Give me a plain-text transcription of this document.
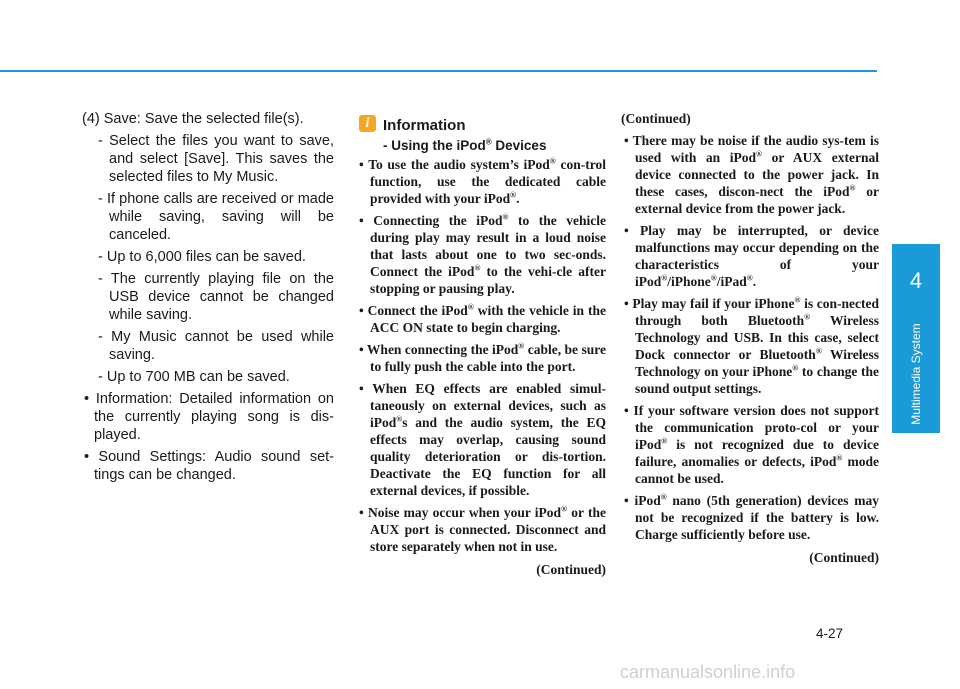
4
Multimedia System

(4) Save: Save the selected file(s).

- Select the files you want to save, and select [Save]. This saves the selected files to My Music.

- If phone calls are received or made while saving, saving will be canceled.

- Up to 6,000 files can be saved.

- The currently playing file on the USB device cannot be changed while saving.

- My Music cannot be used while saving.

- Up to 700 MB can be saved.

• Information: Detailed information on the currently playing song is dis-played.

• Sound Settings: Audio sound set-tings can be changed.

i Information
- Using the iPod® Devices

• To use the audio system’s iPod® con-trol function, use the dedicated cable provided with your iPod®.

• Connecting the iPod® to the vehicle during play may result in a loud noise that lasts about one to two sec-onds. Connect the iPod® to the vehi-cle after stopping or pausing play.

• Connect the iPod® with the vehicle in the ACC ON state to begin charging.

• When connecting the iPod® cable, be sure to fully push the cable into the port.

• When EQ effects are enabled simul-taneously on external devices, such as iPod®s and the audio system, the EQ effects may overlap, causing sound quality deterioration or dis-tortion. Deactivate the EQ function for all external devices, if possible.

• Noise may occur when your iPod® or the AUX port is connected. Disconnect and store separately when not in use.

(Continued)

(Continued)

• There may be noise if the audio sys-tem is used with an iPod® or AUX external device connected to the power jack. In these cases, discon-nect the iPod® or external device from the power jack.

• Play may be interrupted, or device malfunctions may occur depending on the characteristics of your iPod®/iPhone®/iPad®.

• Play may fail if your iPhone® is con-nected through both Bluetooth® Wireless Technology and USB. In this case, select Dock connector or Bluetooth® Wireless Technology on your iPhone® to change the sound output settings.

• If your software version does not support the communication proto-col or your iPod® is not recognized due to device failure, anomalies or defects, iPod® mode cannot be used.

• iPod® nano (5th generation) devices may not be recognized if the battery is low. Charge sufficiently before use.

(Continued)

4-27
carmanualsonline.info
